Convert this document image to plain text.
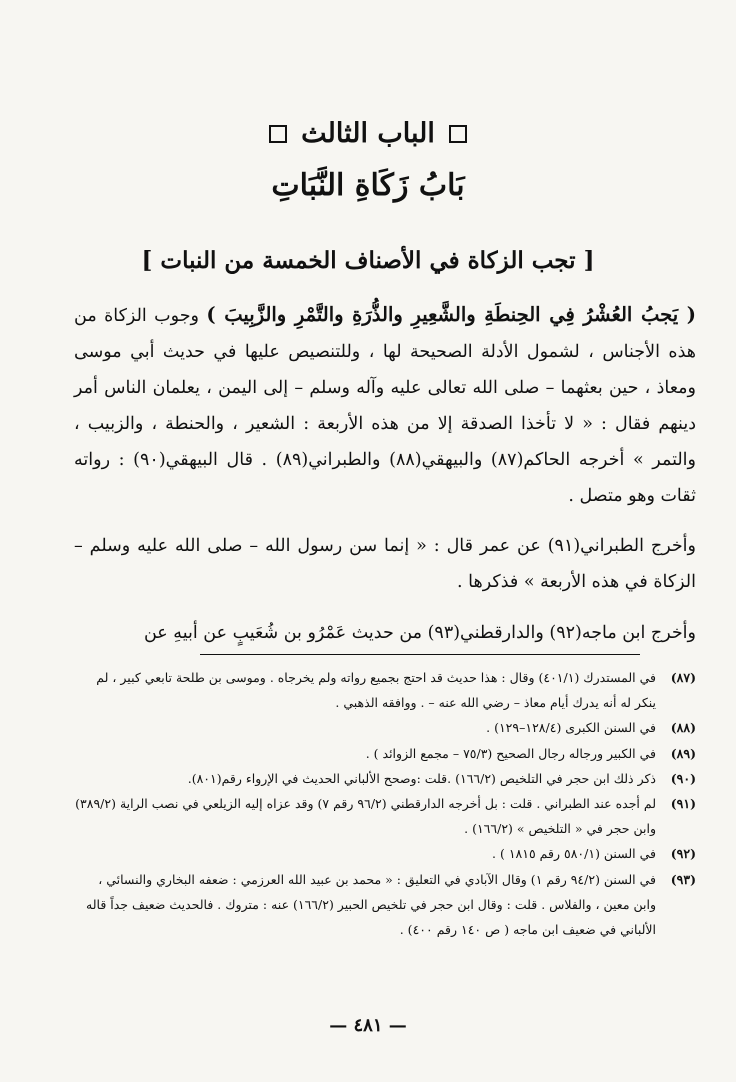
الباب الثالث
بَابُ زَكَاةِ النَّبَاتِ
[ تجب الزكاة في الأصناف الخمسة من النبات ]
( يَجبُ العُشْرُ فِي الحِنطَةِ والشَّعِيرِ والذُّرَةِ والتَّمْرِ والزَّبِيبَ ) وجوب الزكاة من هذه الأجناس ، لشمول الأدلة الصحيحة لها ، وللتنصيص عليها في حديث أبي موسى ومعاذ ، حين بعثهما – صلى الله تعالى عليه وآله وسلم – إلى اليمن ، يعلمان الناس أمر دينهم فقال : « لا تأخذا الصدقة إلا من هذه الأربعة : الشعير ، والحنطة ، والزبيب ، والتمر » أخرجه الحاكم(٨٧) والبيهقي(٨٨) والطبراني(٨٩) . قال البيهقي(٩٠) : رواته ثقات وهو متصل .
وأخرج الطبراني(٩١) عن عمر قال : « إنما سن رسول الله – صلى الله عليه وسلم – الزكاة في هذه الأربعة » فذكرها .
وأخرج ابن ماجه(٩٢) والدارقطني(٩٣) من حديث عَمْرُو بن شُعَيبٍ عن أبيهِ عن
(٨٧)
في المستدرك (٤٠١/١) وقال : هذا حديث قد احتج بجميع رواته ولم يخرجاه . وموسى بن طلحة تابعي كبير ، لم ينكر له أنه يدرك أيام معاذ – رضي الله عنه – . ووافقه الذهبي .
(٨٨)
في السنن الكبرى (١٢٨/٤–١٢٩) .
(٨٩)
في الكبير ورجاله رجال الصحيح (٧٥/٣ – مجمع الزوائد ) .
(٩٠)
ذكر ذلك ابن حجر في التلخيص (١٦٦/٢) .قلت :وصحح الألباني الحديث في الإرواء رقم(٨٠١).
(٩١)
لم أجده عند الطبراني . قلت : بل أخرجه الدارقطني (٩٦/٢ رقم ٧) وقد عزاه إليه الزيلعي في نصب الراية (٣٨٩/٢) وابن حجر في « التلخيص » (١٦٦/٢) .
(٩٢)
في السنن (٥٨٠/١ رقم ١٨١٥ ) .
(٩٣)
في السنن (٩٤/٢ رقم ١) وقال الآبادي في التعليق : « محمد بن عبيد الله العرزمي : ضعفه البخاري والنسائي ، وابن معين ، والفلاس . قلت : وقال ابن حجر في تلخيص الحبير (١٦٦/٢) عنه : متروك . فالحديث ضعيف جداً قاله الألباني في ضعيف ابن ماجه ( ص ١٤٠ رقم ٤٠٠) .
— ٤٨١ —
